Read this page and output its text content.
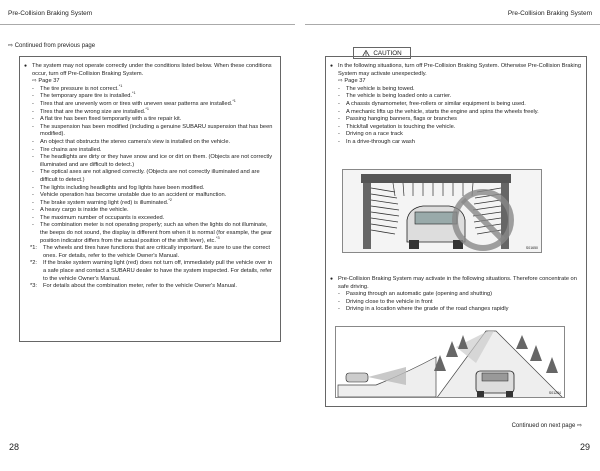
Pre-Collision Braking System	Pre-Collision Braking System
⇨ Continued from previous page
● The system may not operate correctly under the conditions listed below. When these conditions occur, turn off Pre-Collision Braking System.
⇨ Page 37
-	The tire pressure is not correct.$^{*1}$
-	The temporary spare tire is installed.$^{*1}$
-	Tires that are unevenly worn or tires with uneven wear patterns are installed.$^{*1}$
-	Tires that are the wrong size are installed.$^{*1}$
-	A flat tire has been fixed temporarily with a tire repair kit.
-	The suspension has been modified (including a genuine SUBARU suspension that has been modified).
-	An object that obstructs the stereo camera's view is installed on the vehicle.
-	Tire chains are installed.
-	The headlights are dirty or they have snow and ice or dirt on them. (Objects are not correctly illuminated and are difficult to detect.)
-	The optical axes are not aligned correctly. (Objects are not correctly illuminated and are difficult to detect.)
-	The lights including headlights and fog lights have been modified.
-	Vehicle operation has become unstable due to an accident or malfunction.
-	The brake system warning light (red) is illuminated.$^{*2}$
-	A heavy cargo is inside the vehicle.
-	The maximum number of occupants is exceeded.
-	The combination meter is not operating properly; such as when the lights do not illuminate, the beeps do not sound, the display is different from when it is normal (for example, the gear position indicator differs from the actual position of the shift lever), etc.$^{*3}$
*1:	The wheels and tires have functions that are critically important. Be sure to use the correct ones. For details, refer to the vehicle Owner's Manual.
*2:	If the brake system warning light (red) does not turn off, immediately pull the vehicle over in a safe place and contact a SUBARU dealer to have the system inspected. For details, refer to the vehicle Owner's Manual.
*3:	For details about the combination meter, refer to the vehicle Owner's Manual.
CAUTION
● In the following situations, turn off Pre-Collision Braking System. Otherwise Pre-Collision Braking System may activate unexpectedly.
⇨ Page 37
-	The vehicle is being towed.
-	The vehicle is being loaded onto a carrier.
-	A chassis dynamometer, free-rollers or similar equipment is being used.
-	A mechanic lifts up the vehicle, starts the engine and spins the wheels freely.
-	Passing hanging banners, flags or branches
-	Thick/tall vegetation is touching the vehicle.
-	Driving on a race track
-	In a drive-through car wash
S01650
● Pre-Collision Braking System may activate in the following situations. Therefore concentrate on safe driving.
-	Passing through an automatic gate (opening and shutting)
-	Driving close to the vehicle in front
-	Driving in a location where the grade of the road changes rapidly
S01204
Continued on next page ⇨
28	29
